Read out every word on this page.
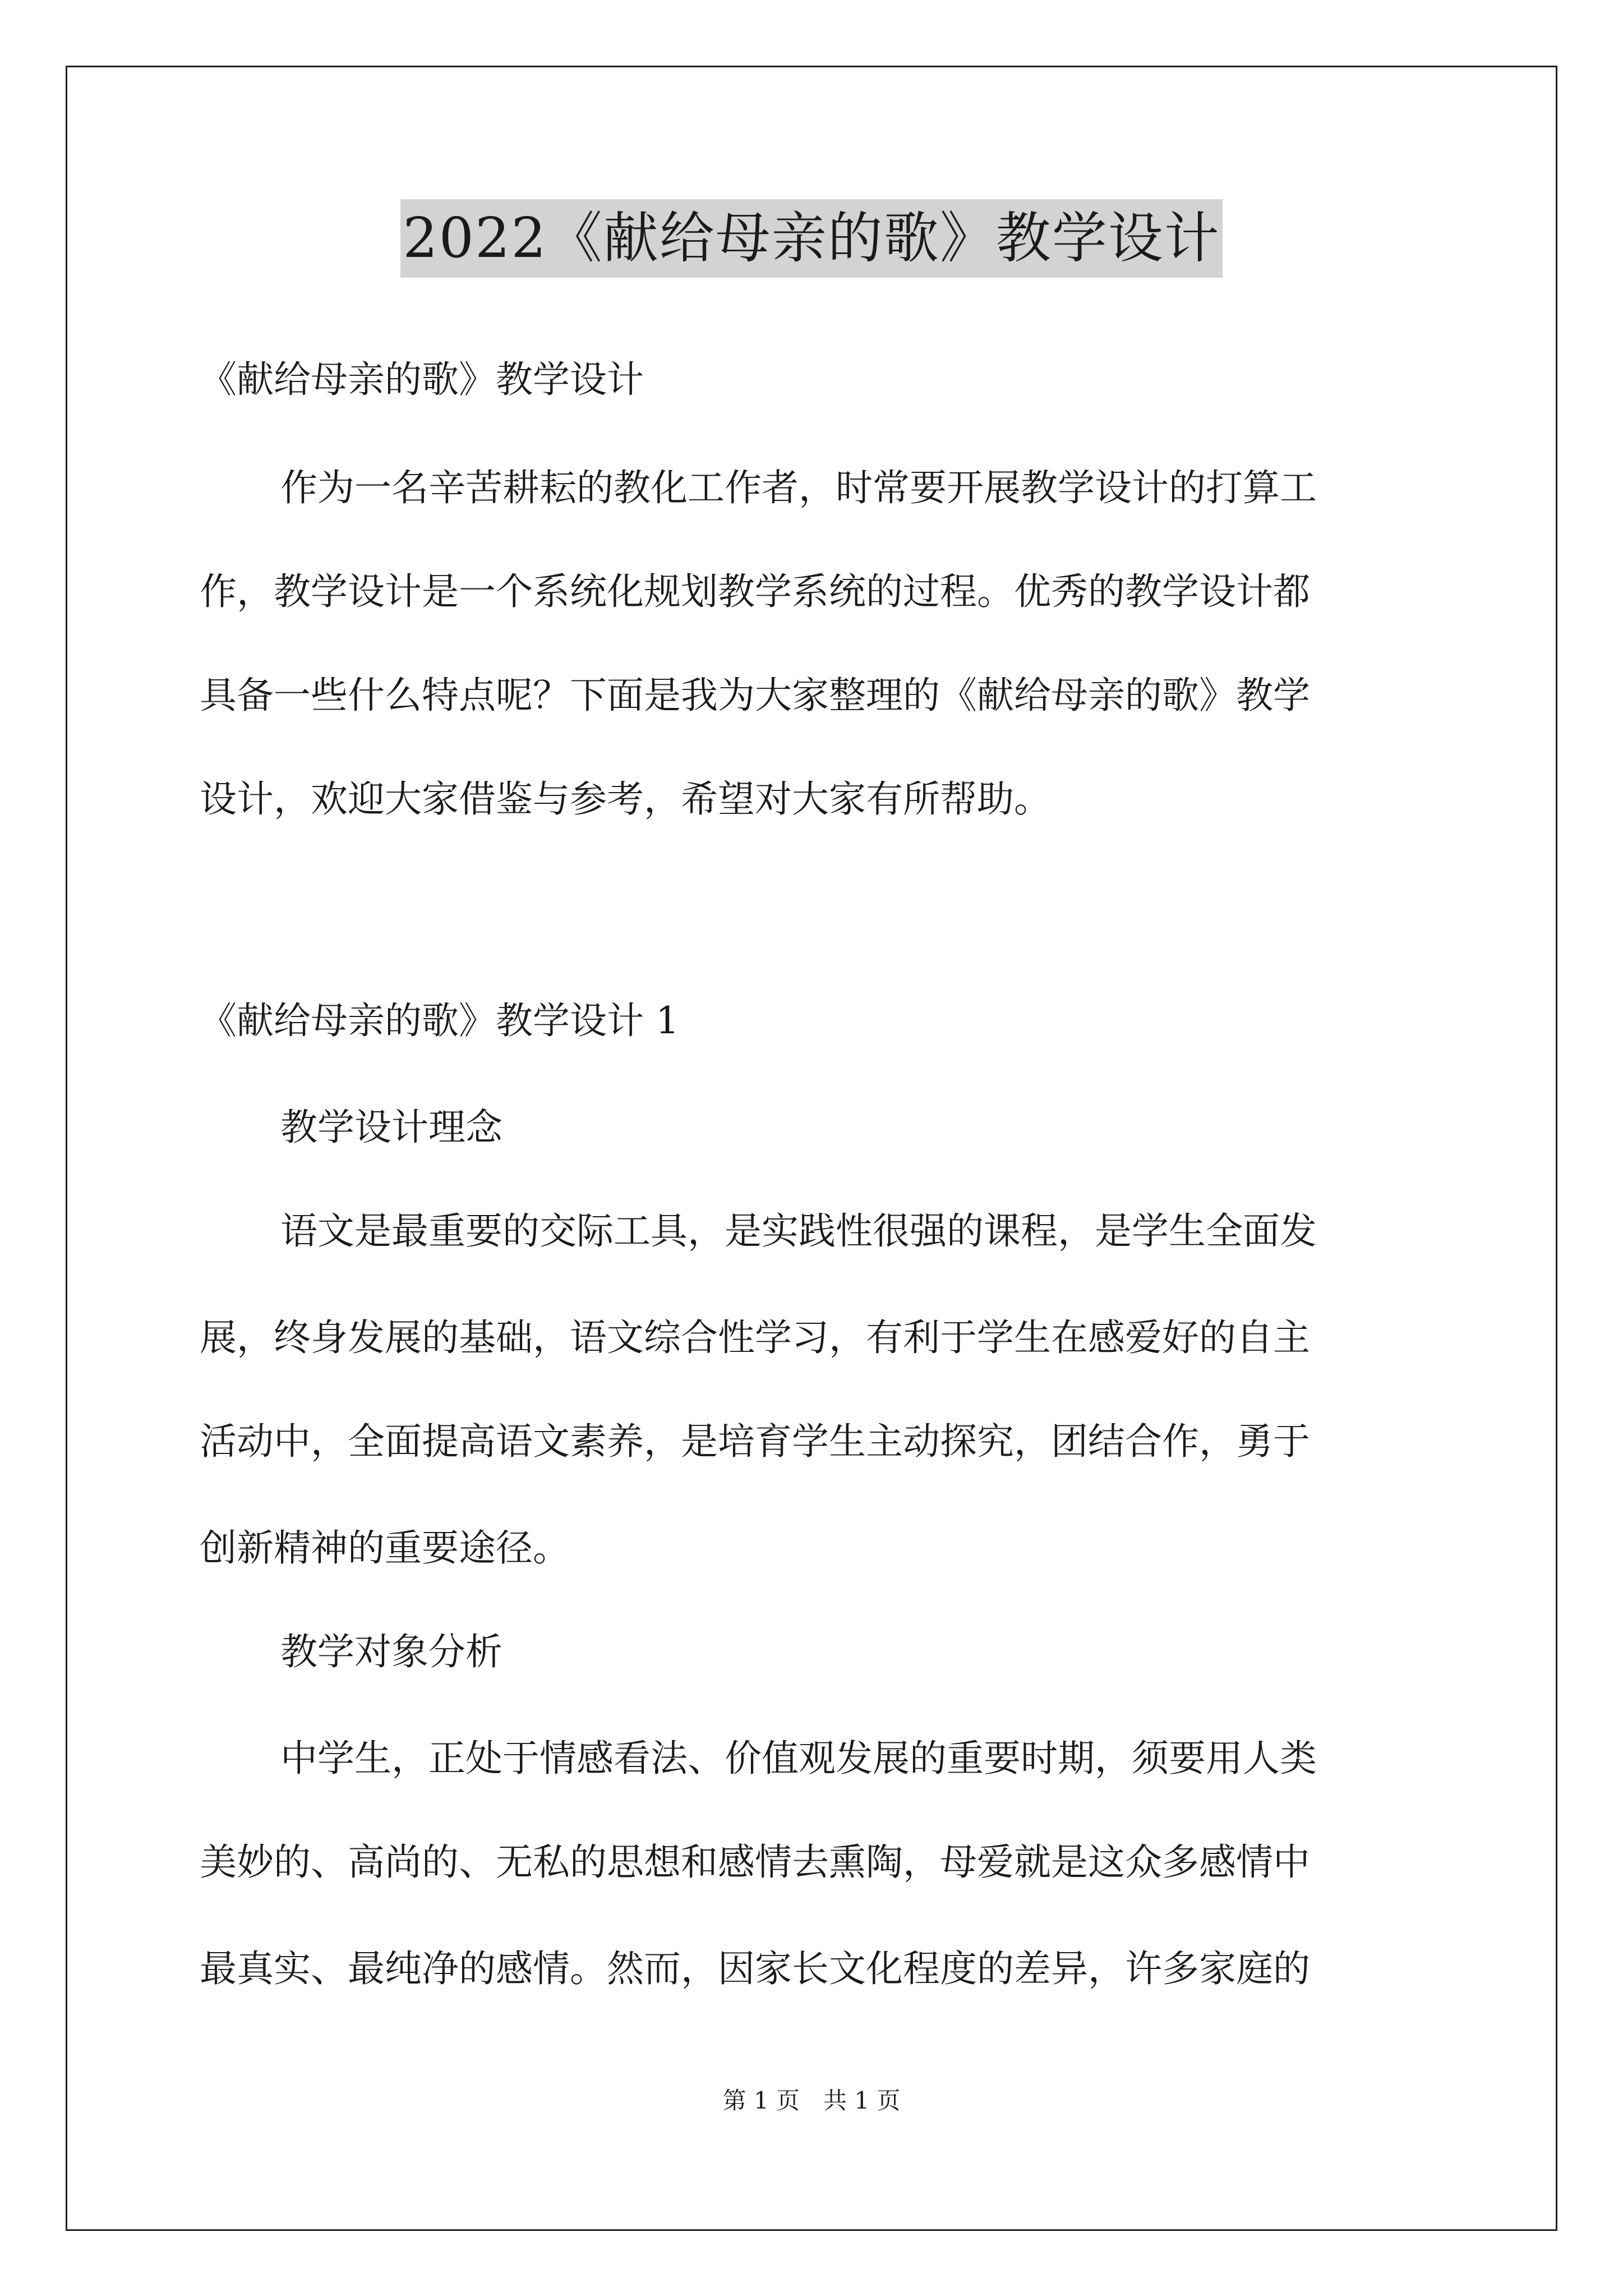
2022《献给母亲的歌》教学设计
《献给母亲的歌》教学设计
作为一名辛苦耕耘的教化工作者，时常要开展教学设计的打算工
作，教学设计是一个系统化规划教学系统的过程。优秀的教学设计都
具备一些什么特点呢？下面是我为大家整理的《献给母亲的歌》教学
设计，欢迎大家借鉴与参考，希望对大家有所帮助。
《献给母亲的歌》教学设计 1
教学设计理念
语文是最重要的交际工具，是实践性很强的课程，是学生全面发
展，终身发展的基础，语文综合性学习，有利于学生在感爱好的自主
活动中，全面提高语文素养，是培育学生主动探究，团结合作，勇于
创新精神的重要途径。
教学对象分析
中学生，正处于情感看法、价值观发展的重要时期，须要用人类
美妙的、高尚的、无私的思想和感情去熏陶，母爱就是这众多感情中
最真实、最纯净的感情。然而，因家长文化程度的差异，许多家庭的
第 1 页　共 1 页
